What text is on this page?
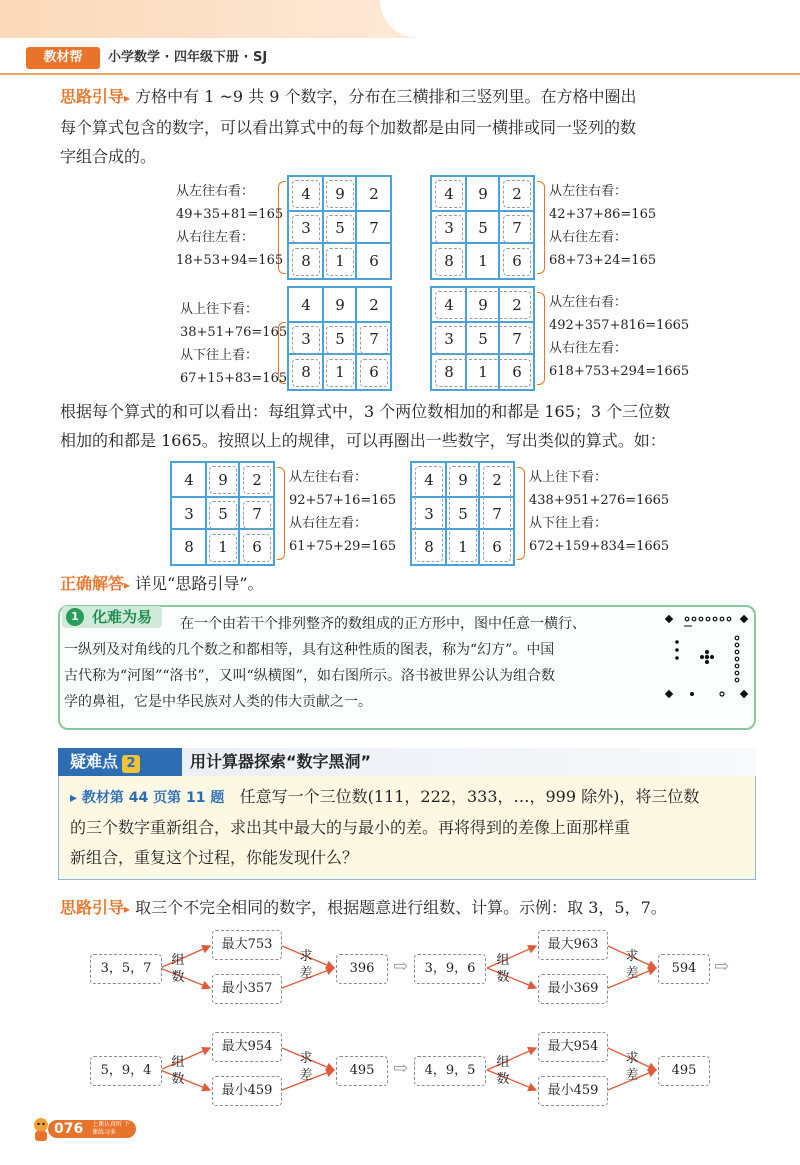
教材帮	小学数学 · 四年级下册 · SJ
思路引导▸ 方格中有 1 ~9 共 9 个数字，分布在三横排和三竖列里。在方格中圈出
每个算式包含的数字，可以看出算式中的每个加数都是由同一横排或同一竖列的数
字组合成的。
4	9	2
3	5	7
8	1	6
从左往右看：
49+35+81=165
从右往左看：
18+53+94=165
4	9	2
3	5	7
8	1	6
从左往右看：
42+37+86=165
从右往左看：
68+73+24=165
4	9	2
3	5	7
8	1	6
从上往下看：
38+51+76=165
从下往上看：
67+15+83=165
4	9	2
3	5	7
8	1	6
从左往右看：
492+357+816=1665
从右往左看：
618+753+294=1665
根据每个算式的和可以看出：每组算式中，3 个两位数相加的和都是 165；3 个三位数
相加的和都是 1665。按照以上的规律，可以再圈出一些数字，写出类似的算式。如：
4	9	2
3	5	7
8	1	6
从左往右看：
92+57+16=165
从右往左看：
61+75+29=165
4	9	2
3	5	7
8	1	6
从上往下看：
438+951+276=1665
从下往上看：
672+159+834=1665
正确解答▸ 详见“思路引导”。
1 化难为易	在一个由若干个排列整齐的数组成的正方形中，图中任意一横行、
一纵列及对角线的几个数之和都相等，具有这种性质的图表，称为“幻方”。中国
古代称为“河图”“洛书”，又叫“纵横图”，如右图所示。洛书被世界公认为组合数
学的鼻祖，它是中华民族对人类的伟大贡献之一。
疑难点 2	用计算器探索“数字黑洞”
▸ 教材第 44 页第 11 题 任意写一个三位数(111，222，333，…，999 除外)，将三位数
的三个数字重新组合，求出其中最大的与最小的差。再将得到的差像上面那样重
新组合，重复这个过程，你能发现什么？
思路引导▸ 取三个不完全相同的数字，根据题意进行组数、计算。示例：取 3，5，7。
3，5，7
组
数
最大753
最小357
求
差	396	⇨	3，9，6
组
数
最大963
最小369
求
差	594 ⇨
5，9，4
组
数
最大954
最小459
求
差	495	⇨	4，9，5
组
数
最大954
最小459
求
差	495
076 上课认真听 下课练习多
